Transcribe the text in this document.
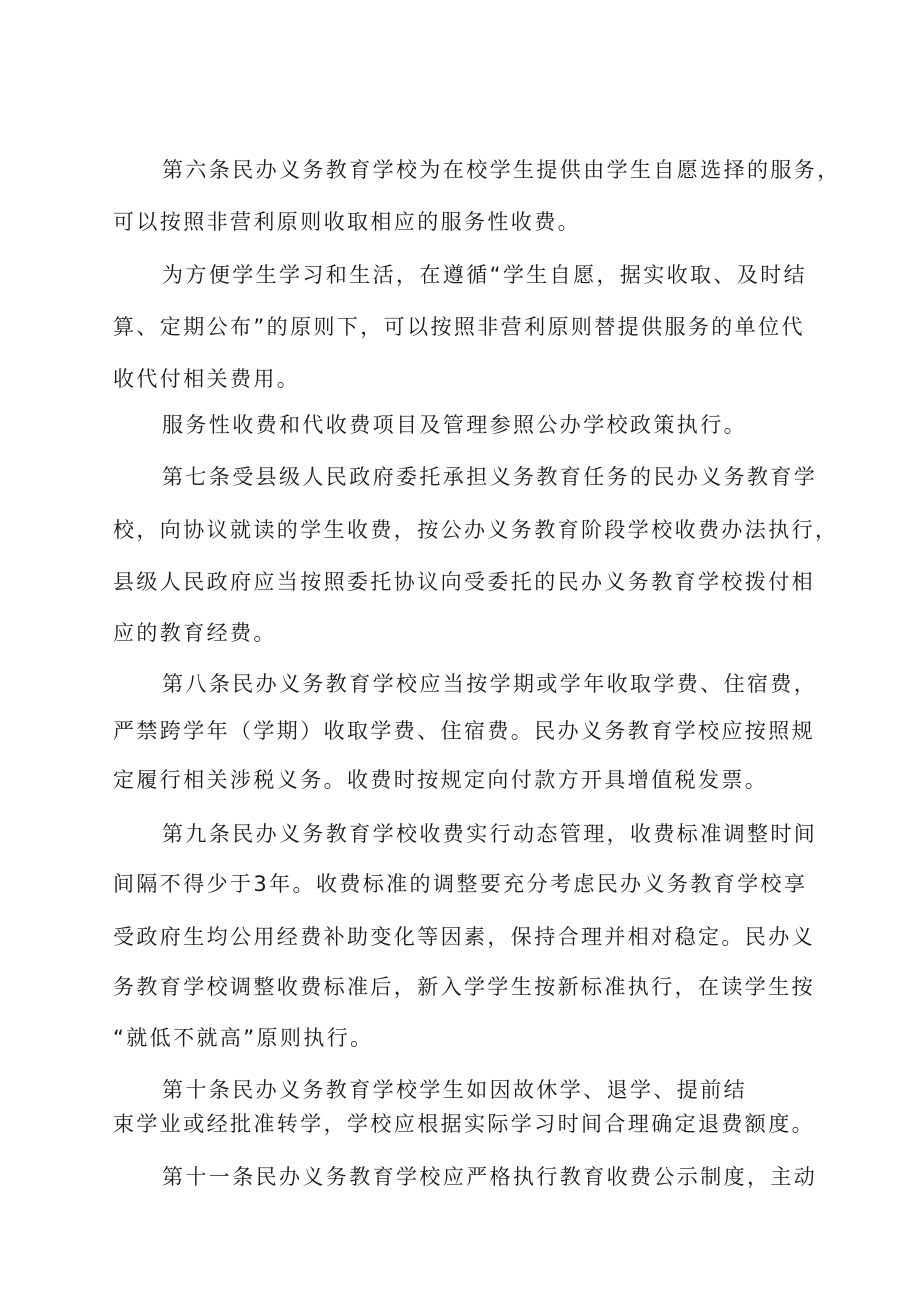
第六条民办义务教育学校为在校学生提供由学生自愿选择的服务，
可以按照非营利原则收取相应的服务性收费。
为方便学生学习和生活，在遵循“学生自愿，据实收取、及时结
算、定期公布”的原则下，可以按照非营利原则替提供服务的单位代
收代付相关费用。
服务性收费和代收费项目及管理参照公办学校政策执行。
第七条受县级人民政府委托承担义务教育任务的民办义务教育学
校，向协议就读的学生收费，按公办义务教育阶段学校收费办法执行，
县级人民政府应当按照委托协议向受委托的民办义务教育学校拨付相
应的教育经费。
第八条民办义务教育学校应当按学期或学年收取学费、住宿费，
严禁跨学年（学期）收取学费、住宿费。民办义务教育学校应按照规
定履行相关涉税义务。收费时按规定向付款方开具增值税发票。
第九条民办义务教育学校收费实行动态管理，收费标准调整时间
间隔不得少于3年。收费标准的调整要充分考虑民办义务教育学校享
受政府生均公用经费补助变化等因素，保持合理并相对稳定。民办义
务教育学校调整收费标准后，新入学学生按新标准执行，在读学生按
“就低不就高”原则执行。
第十条民办义务教育学校学生如因故休学、退学、提前结
束学业或经批准转学，学校应根据实际学习时间合理确定退费额度。
第十一条民办义务教育学校应严格执行教育收费公示制度，主动
